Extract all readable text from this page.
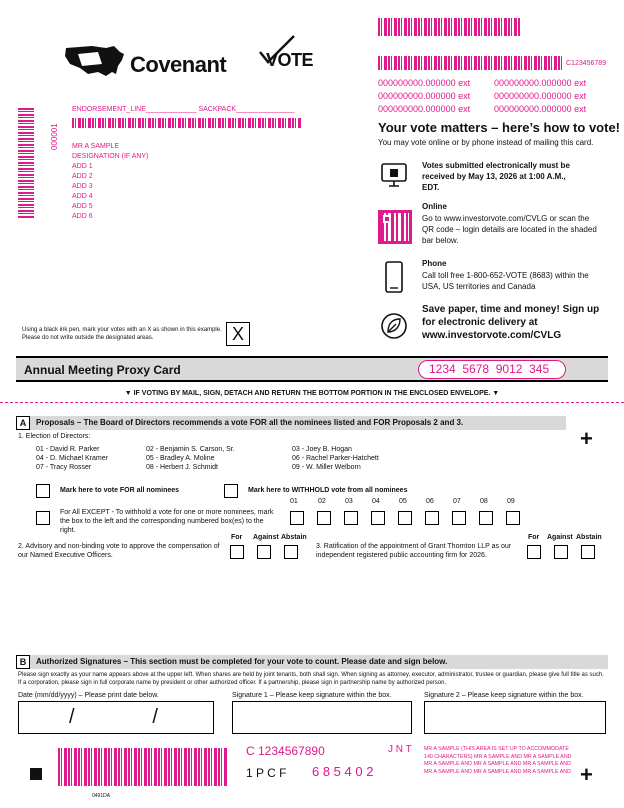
Covenant VOTE	C123456789
000000000.000000 ext	000000000.000000 ext
000000000.000000 ext	000000000.000000 ext
000000000.000000 ext	000000000.000000 ext
Your vote matters – here’s how to vote!
You may vote online or by phone instead of mailing this card.
Votes submitted electronically must be received by May 13, 2026 at 1:00 A.M., EDT.
Online
Go to www.investorvote.com/CVLG or scan the QR code – login details are located in the shaded bar below.
Phone
Call toll free 1-800-652-VOTE (8683) within the USA, US territories and Canada
Save paper, time and money! Sign up for electronic delivery at www.investorvote.com/CVLG
ENDORSEMENT_LINE_____________ SACKPACK_______________
000001 MR A SAMPLE
DESIGNATION (IF ANY)
ADD 1
ADD 2
ADD 3
ADD 4
ADD 5
ADD 6
Using a black ink pen, mark your votes with an X as shown in this example. Please do not write outside the designated areas.	X
Annual Meeting Proxy Card	1234  5678  9012  345
▼ IF VOTING BY MAIL, SIGN, DETACH AND RETURN THE BOTTOM PORTION IN THE ENCLOSED ENVELOPE. ▼
A	Proposals – The Board of Directors recommends a vote FOR all the nominees listed and FOR Proposals 2 and 3.
+
1. Election of Directors:
01 - David R. Parker	02 - Benjamin S. Carson, Sr.	03 - Joey B. Hogan
04 - D. Michael Kramer	05 - Bradley A. Moline	06 - Rachel Parker-Hatchett
07 - Tracy Rosser	08 - Herbert J. Schmidt	09 - W. Miller Welborn
Mark here to vote FOR all nominees	Mark here to WITHHOLD vote from all nominees
For All EXCEPT - To withhold a vote for one or more nominees, mark the box to the left and the corresponding numbered box(es) to the right.
01	02	03	04	05	06	07	08	09
2. Advisory and non-binding vote to approve the compensation of our Named Executive Officers.
For Against Abstain
3. Ratification of the appointment of Grant Thornton LLP as our independent registered public accounting firm for 2026.
For Against Abstain
B	Authorized Signatures – This section must be completed for your vote to count. Please date and sign below.
Please sign exactly as your name appears above at the upper left. When shares are held by joint tenants, both shall sign. When signing as attorney, executor, administrator, trustee or guardian, please give full title as such. If a corporation, please sign in full corporate name by president or other authorized officer. If a partnership, please sign in partnership name by authorized person.
Date (mm/dd/yyyy) – Please print date below.	Signature 1 – Please keep signature within the box.	Signature 2 – Please keep signature within the box.
/              /
0491DA
C 1234567890	J N T
1 P C F 6 8 5 4 0 2
MR A SAMPLE (THIS AREA IS SET UP TO ACCOMMODATE 140 CHARACTERS) MR A SAMPLE AND MR A SAMPLE AND MR A SAMPLE AND MR A SAMPLE AND MR A SAMPLE AND MR A SAMPLE AND MR A SAMPLE AND MR A SAMPLE AND +
